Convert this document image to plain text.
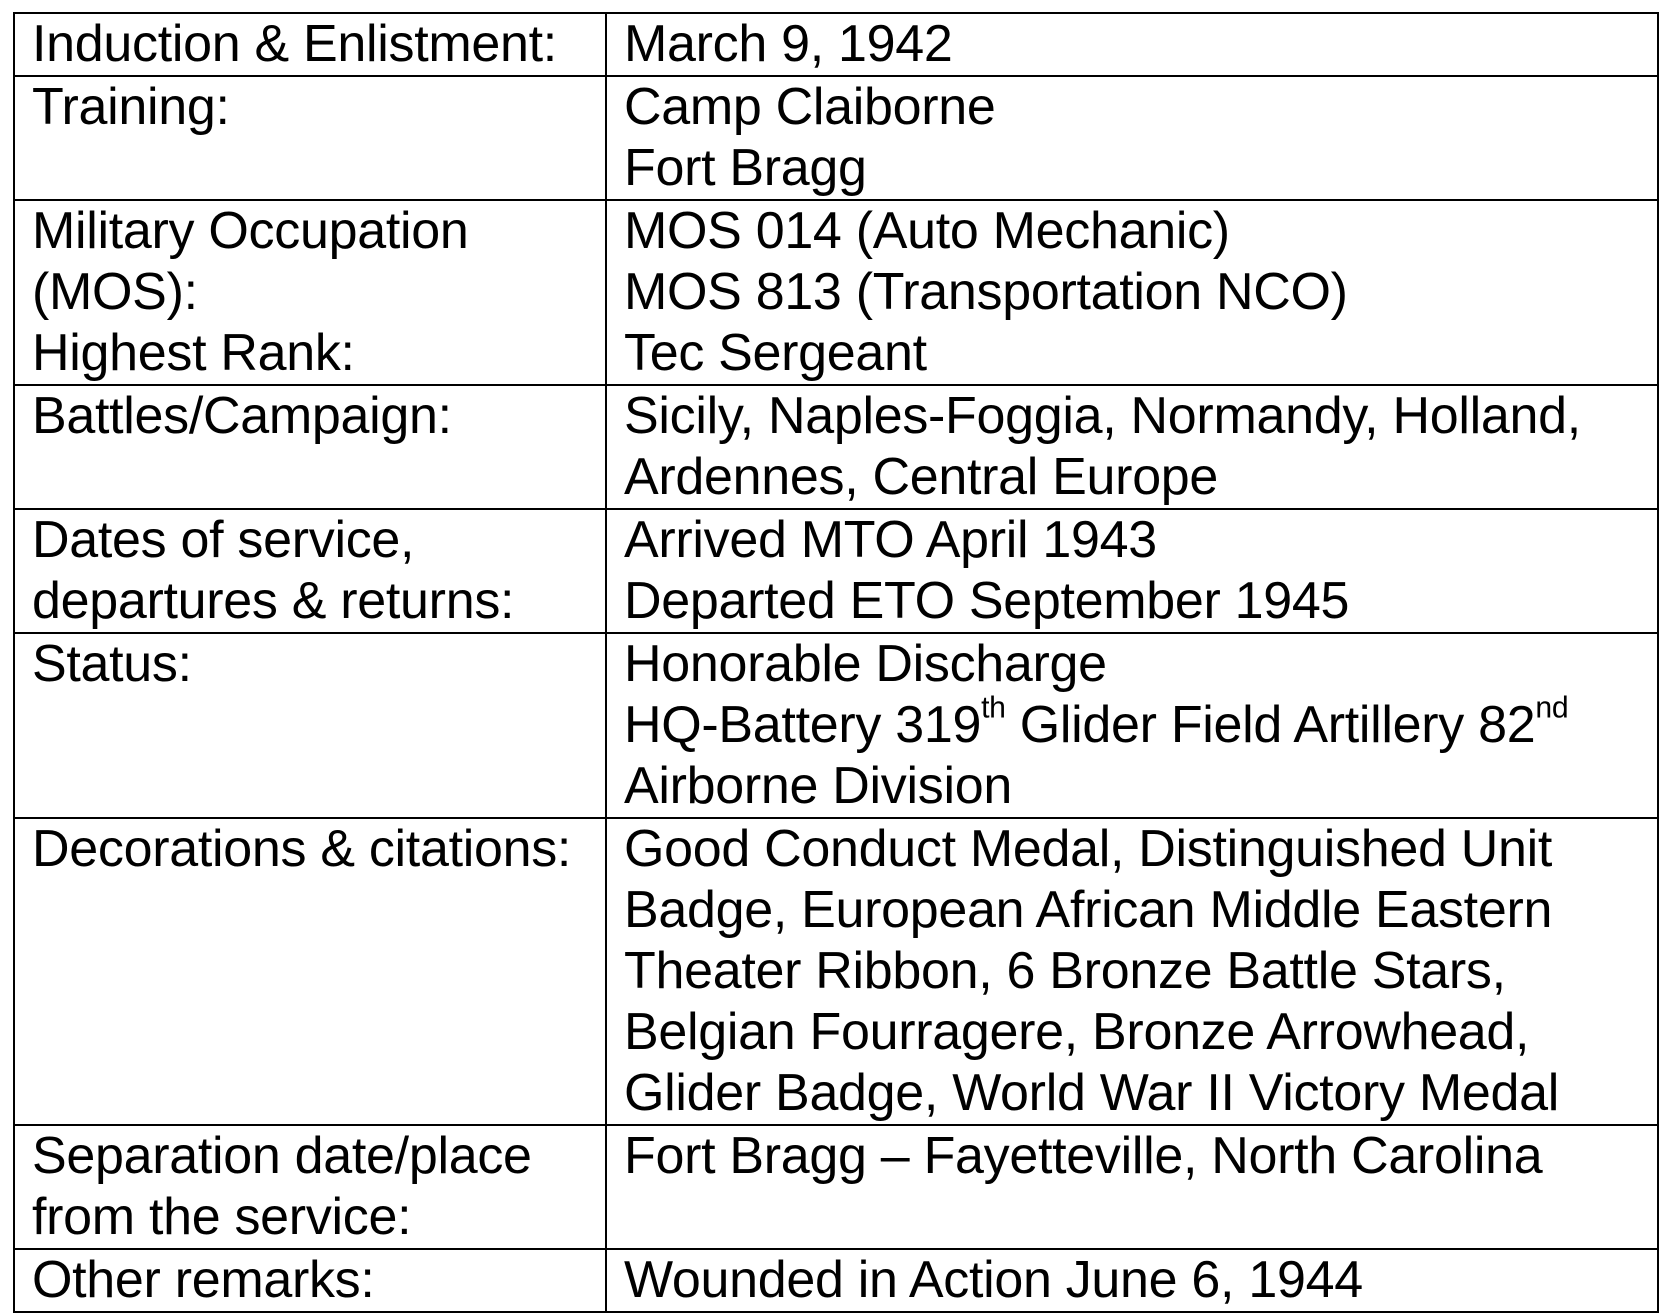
Induction & Enlistment:	March 9, 1942

Training:	Camp Claiborne
Fort Bragg

Military Occupation
(MOS):
Highest Rank:	MOS 014 (Auto Mechanic)
MOS 813 (Transportation NCO)
Tec Sergeant

Battles/Campaign:	Sicily, Naples-Foggia, Normandy, Holland,
Ardennes, Central Europe

Dates of service,
departures & returns:	Arrived MTO April 1943
Departed ETO September 1945

Status:	Honorable Discharge
HQ-Battery 319th Glider Field Artillery 82nd
Airborne Division

Decorations & citations:	Good Conduct Medal, Distinguished Unit
Badge, European African Middle Eastern
Theater Ribbon, 6 Bronze Battle Stars,
Belgian Fourragere, Bronze Arrowhead,
Glider Badge, World War II Victory Medal

Separation date/place
from the service:	Fort Bragg – Fayetteville, North Carolina

Other remarks:	Wounded in Action June 6, 1944
